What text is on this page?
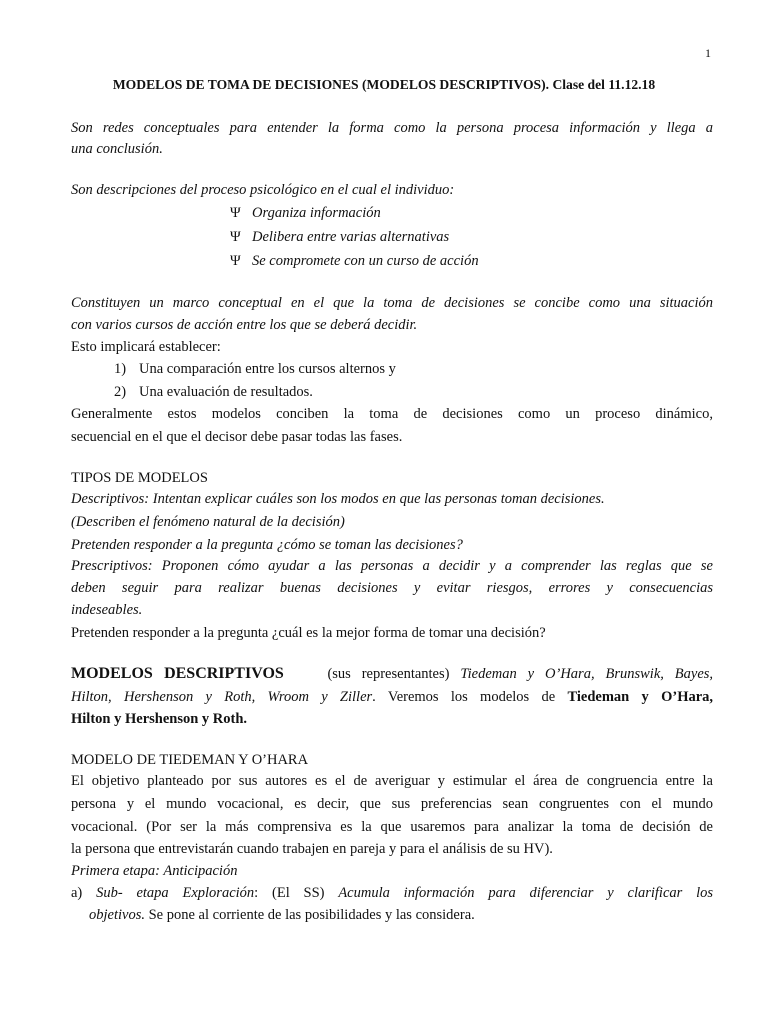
1
MODELOS DE TOMA DE DECISIONES (MODELOS DESCRIPTIVOS). Clase del 11.12.18
Son redes conceptuales para entender la forma como la persona procesa información y llega a
una conclusión.
Son descripciones del proceso psicológico en el cual el individuo:
Ψ Organiza información
Ψ Delibera entre varias alternativas
Ψ Se compromete con un curso de acción
Constituyen un marco conceptual en el que la toma de decisiones se concibe como una situación
con varios cursos de acción entre los que se deberá decidir.
Esto implicará establecer:
1) Una comparación entre los cursos alternos y
2) Una evaluación de resultados.
Generalmente estos modelos conciben la toma de decisiones como un proceso dinámico,
secuencial en el que el decisor debe pasar todas las fases.
TIPOS DE MODELOS
Descriptivos: Intentan explicar cuáles son los modos en que las personas toman decisiones.
(Describen el fenómeno natural de la decisión)
Pretenden responder a la pregunta ¿cómo se toman las decisiones?
Prescriptivos: Proponen cómo ayudar a las personas a decidir y a comprender las reglas que se
deben seguir para realizar buenas decisiones y evitar riesgos, errores y consecuencias
indeseables.
Pretenden responder a la pregunta ¿cuál es la mejor forma de tomar una decisión?
MODELOS DESCRIPTIVOS	(sus representantes) Tiedeman y O’Hara, Brunswik, Bayes,
Hilton, Hershenson y Roth, Wroom y Ziller. Veremos los modelos de Tiedeman y O’Hara,
Hilton y Hershenson y Roth.
MODELO DE TIEDEMAN Y O’HARA
El objetivo planteado por sus autores es el de averiguar y estimular el área de congruencia entre la
persona y el mundo vocacional, es decir, que sus preferencias sean congruentes con el mundo
vocacional. (Por ser la más comprensiva es la que usaremos para analizar la toma de decisión de
la persona que entrevistarán cuando trabajen en pareja y para el análisis de su HV).
Primera etapa: Anticipación
a) Sub- etapa Exploración: (El SS) Acumula información para diferenciar y clarificar los
objetivos. Se pone al corriente de las posibilidades y las considera.
